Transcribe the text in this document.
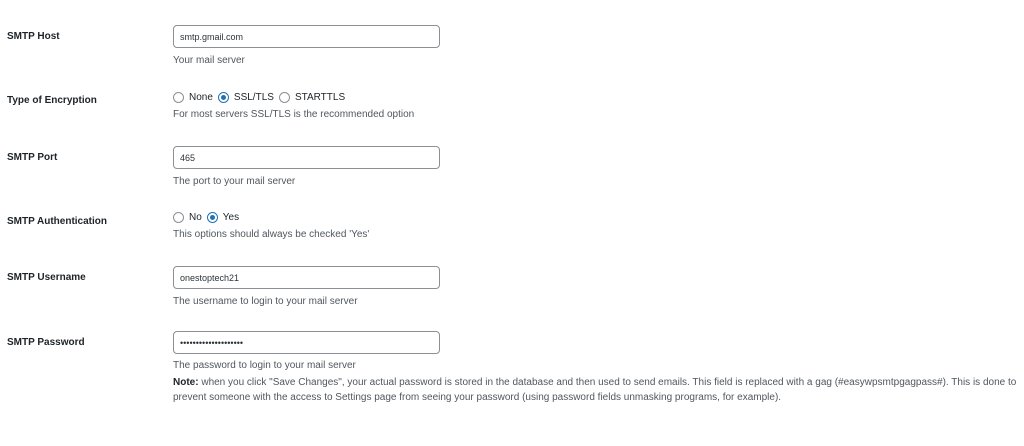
SMTP Host
smtp.gmail.com
Your mail server
Type of Encryption	None SSL/TLS STARTTLS
For most servers SSL/TLS is the recommended option
SMTP Port
465
The port to your mail server
SMTP Authentication	No Yes
This options should always be checked 'Yes'
SMTP Username
onestoptech21
The username to login to your mail server
SMTP Password
••••••••••••••••••••
The password to login to your mail server
Note: when you click "Save Changes", your actual password is stored in the database and then used to send emails. This field is replaced with a gag (#easywpsmtpgagpass#). This is done to prevent someone with the access to Settings page from seeing your password (using password fields unmasking programs, for example).
